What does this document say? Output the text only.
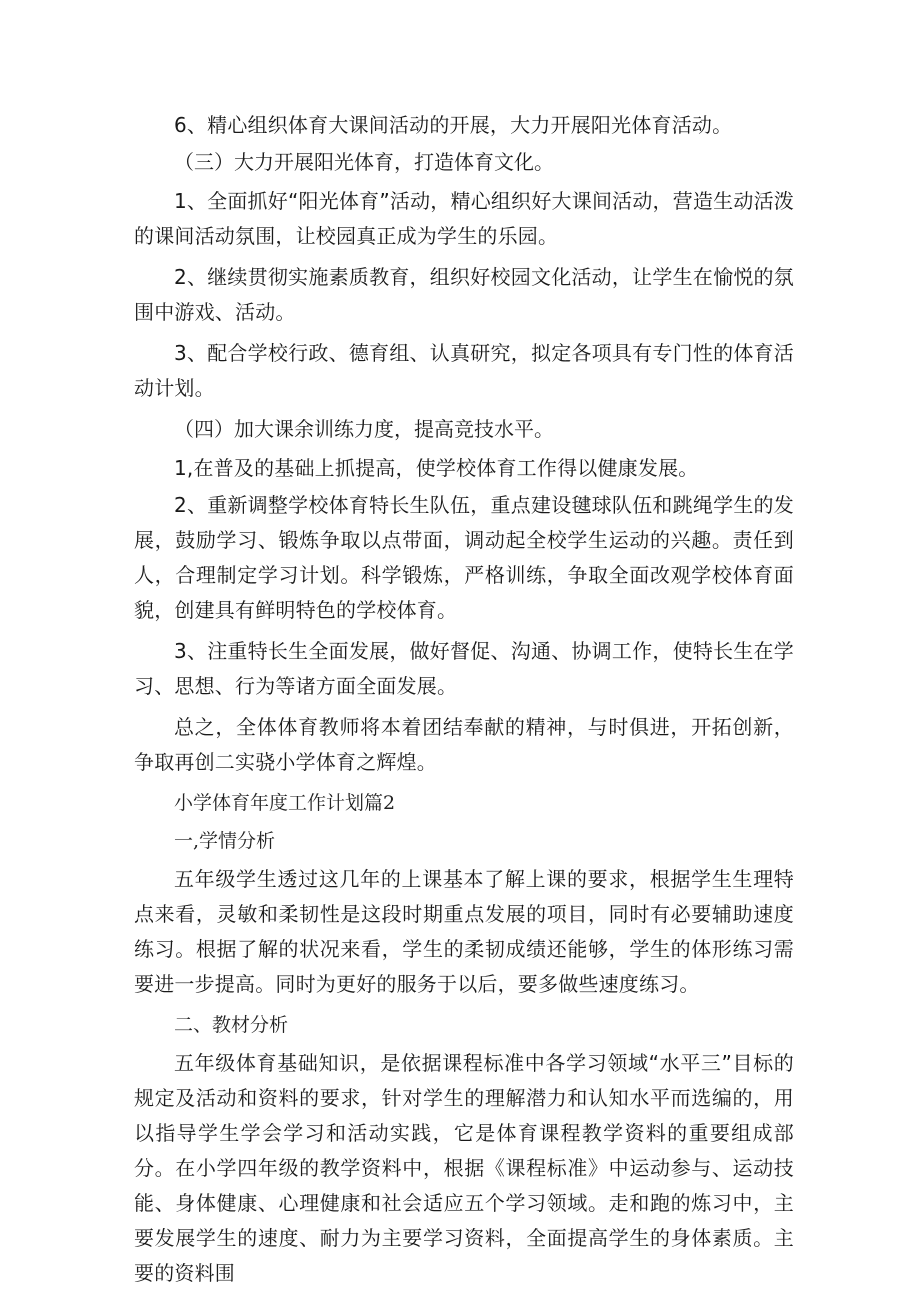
6、精心组织体育大课间活动的开展，大力开展阳光体育活动。

（三）大力开展阳光体育，打造体育文化。

1、全面抓好“阳光体育”活动，精心组织好大课间活动，营造生动活泼的课间活动氛围，让校园真正成为学生的乐园。

2、继续贯彻实施素质教育，组织好校园文化活动，让学生在愉悦的氛围中游戏、活动。

3、配合学校行政、德育组、认真研究，拟定各项具有专门性的体育活动计划。

（四）加大课余训练力度，提高竞技水平。

1,在普及的基础上抓提高，使学校体育工作得以健康发展。

2、重新调整学校体育特长生队伍，重点建设毽球队伍和跳绳学生的发展，鼓励学习、锻炼争取以点带面，调动起全校学生运动的兴趣。责任到人，合理制定学习计划。科学锻炼，严格训练，争取全面改观学校体育面貌，创建具有鲜明特色的学校体育。

3、注重特长生全面发展，做好督促、沟通、协调工作，使特长生在学习、思想、行为等诸方面全面发展。

总之，全体体育教师将本着团结奉献的精神，与时俱进，开拓创新，争取再创二实骁小学体育之辉煌。

小学体育年度工作计划篇2

一,学情分析

五年级学生透过这几年的上课基本了解上课的要求，根据学生生理特点来看，灵敏和柔韧性是这段时期重点发展的项目，同时有必要辅助速度练习。根据了解的状况来看，学生的柔韧成绩还能够，学生的体形练习需要进一步提高。同时为更好的服务于以后，要多做些速度练习。

二、教材分析

五年级体育基础知识，是依据课程标准中各学习领域“水平三”目标的规定及活动和资料的要求，针对学生的理解潜力和认知水平而选编的，用以指导学生学会学习和活动实践，它是体育课程教学资料的重要组成部分。在小学四年级的教学资料中，根据《课程标准》中运动参与、运动技能、身体健康、心理健康和社会适应五个学习领域。走和跑的炼习中，主要发展学生的速度、耐力为主要学习资料，全面提高学生的身体素质。主要的资料围
